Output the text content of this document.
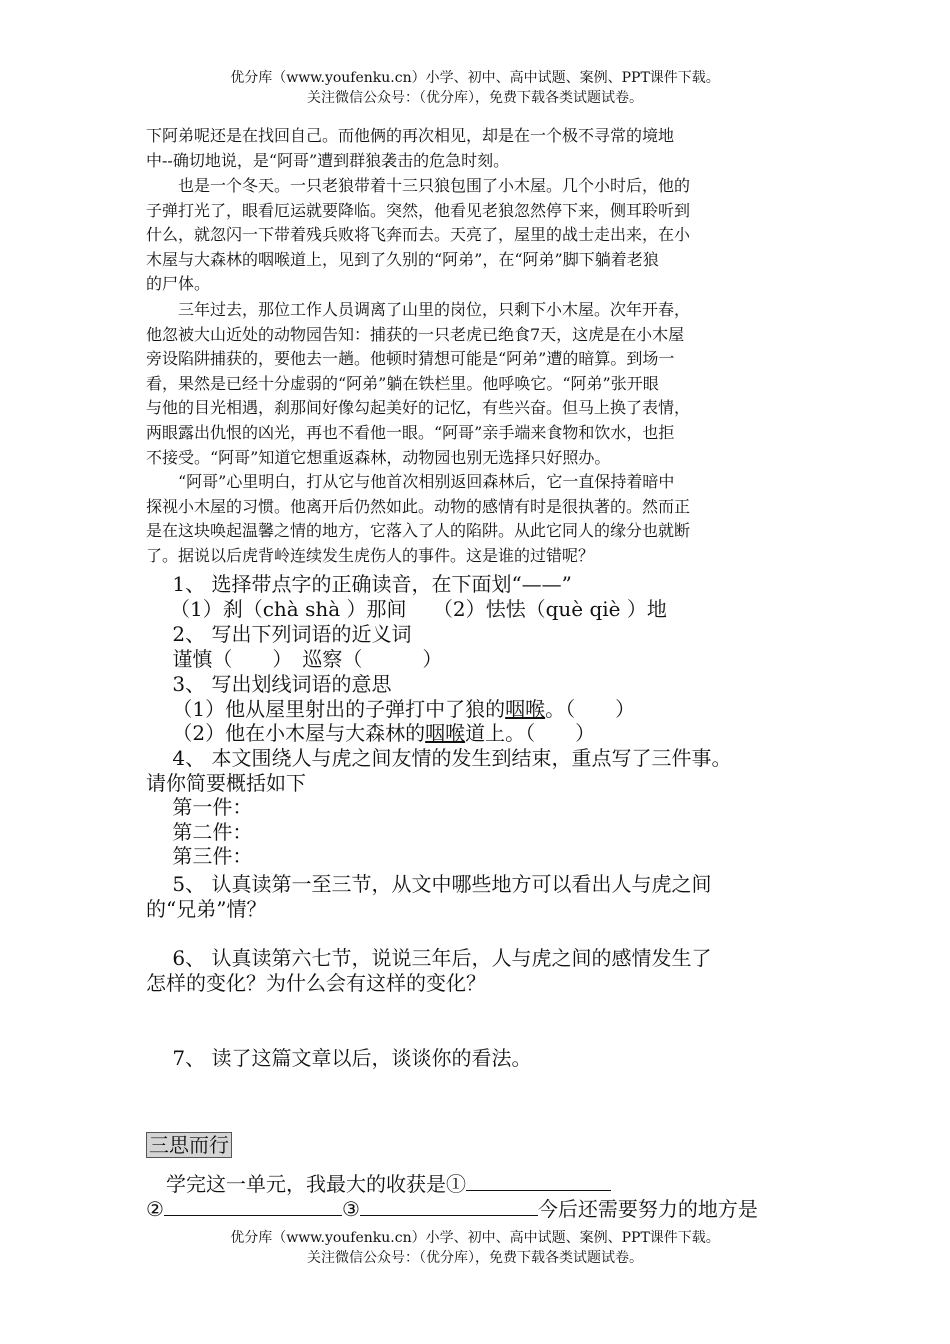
优分库（www.youfenku.cn）小学、初中、高中试题、案例、PPT课件下载。
关注微信公众号：（优分库），免费下载各类试题试卷。
下阿弟呢还是在找回自己。而他俩的再次相见，却是在一个极不寻常的境地
中--确切地说，是“阿哥”遭到群狼袭击的危急时刻。
　　也是一个冬天。一只老狼带着十三只狼包围了小木屋。几个小时后，他的
子弹打光了，眼看厄运就要降临。突然，他看见老狼忽然停下来，侧耳聆听到
什么，就忽闪一下带着残兵败将飞奔而去。天亮了，屋里的战士走出来，在小
木屋与大森林的咽喉道上，见到了久别的“阿弟”，在“阿弟”脚下躺着老狼
的尸体。
　　三年过去，那位工作人员调离了山里的岗位，只剩下小木屋。次年开春，
他忽被大山近处的动物园告知：捕获的一只老虎已绝食7天，这虎是在小木屋
旁设陷阱捕获的，要他去一趟。他顿时猜想可能是“阿弟”遭的暗算。到场一
看，果然是已经十分虚弱的“阿弟”躺在铁栏里。他呼唤它。“阿弟”张开眼
与他的目光相遇，刹那间好像勾起美好的记忆，有些兴奋。但马上换了表情，
两眼露出仇恨的凶光，再也不看他一眼。“阿哥”亲手端来食物和饮水，也拒
不接受。“阿哥”知道它想重返森林，动物园也别无选择只好照办。
　　“阿哥”心里明白，打从它与他首次相别返回森林后，它一直保持着暗中
探视小木屋的习惯。他离开后仍然如此。动物的感情有时是很执著的。然而正
是在这块唤起温馨之情的地方，它落入了人的陷阱。从此它同人的缘分也就断
了。据说以后虎背岭连续发生虎伤人的事件。这是谁的过错呢？
　 1、 选择带点字的正确读音，在下面划“——”
（1）刹（chà shà ）那间　 （2）怯怯（què qiè ）地
　 2、 写出下列词语的近义词
　 谨慎（　　）　巡察（　　　）
　 3、 写出划线词语的意思
　 （1）他从屋里射出的子弹打中了狼的咽喉。（　　）
　 （2）他在小木屋与大森林的咽喉道上。（　　）
　 4、 本文围绕人与虎之间友情的发生到结束，重点写了三件事。
请你简要概括如下
　 第一件：
　 第二件：
　 第三件：
　 5、 认真读第一至三节，从文中哪些地方可以看出人与虎之间
的“兄弟”情？
　 6、 认真读第六七节，说说三年后，人与虎之间的感情发生了
怎样的变化？为什么会有这样的变化？
　 7、 读了这篇文章以后，谈谈你的看法。
三思而行
　学完这一单元，我最大的收获是①
②	③	今后还需要努力的地方是
优分库（www.youfenku.cn）小学、初中、高中试题、案例、PPT课件下载。
关注微信公众号：（优分库），免费下载各类试题试卷。
